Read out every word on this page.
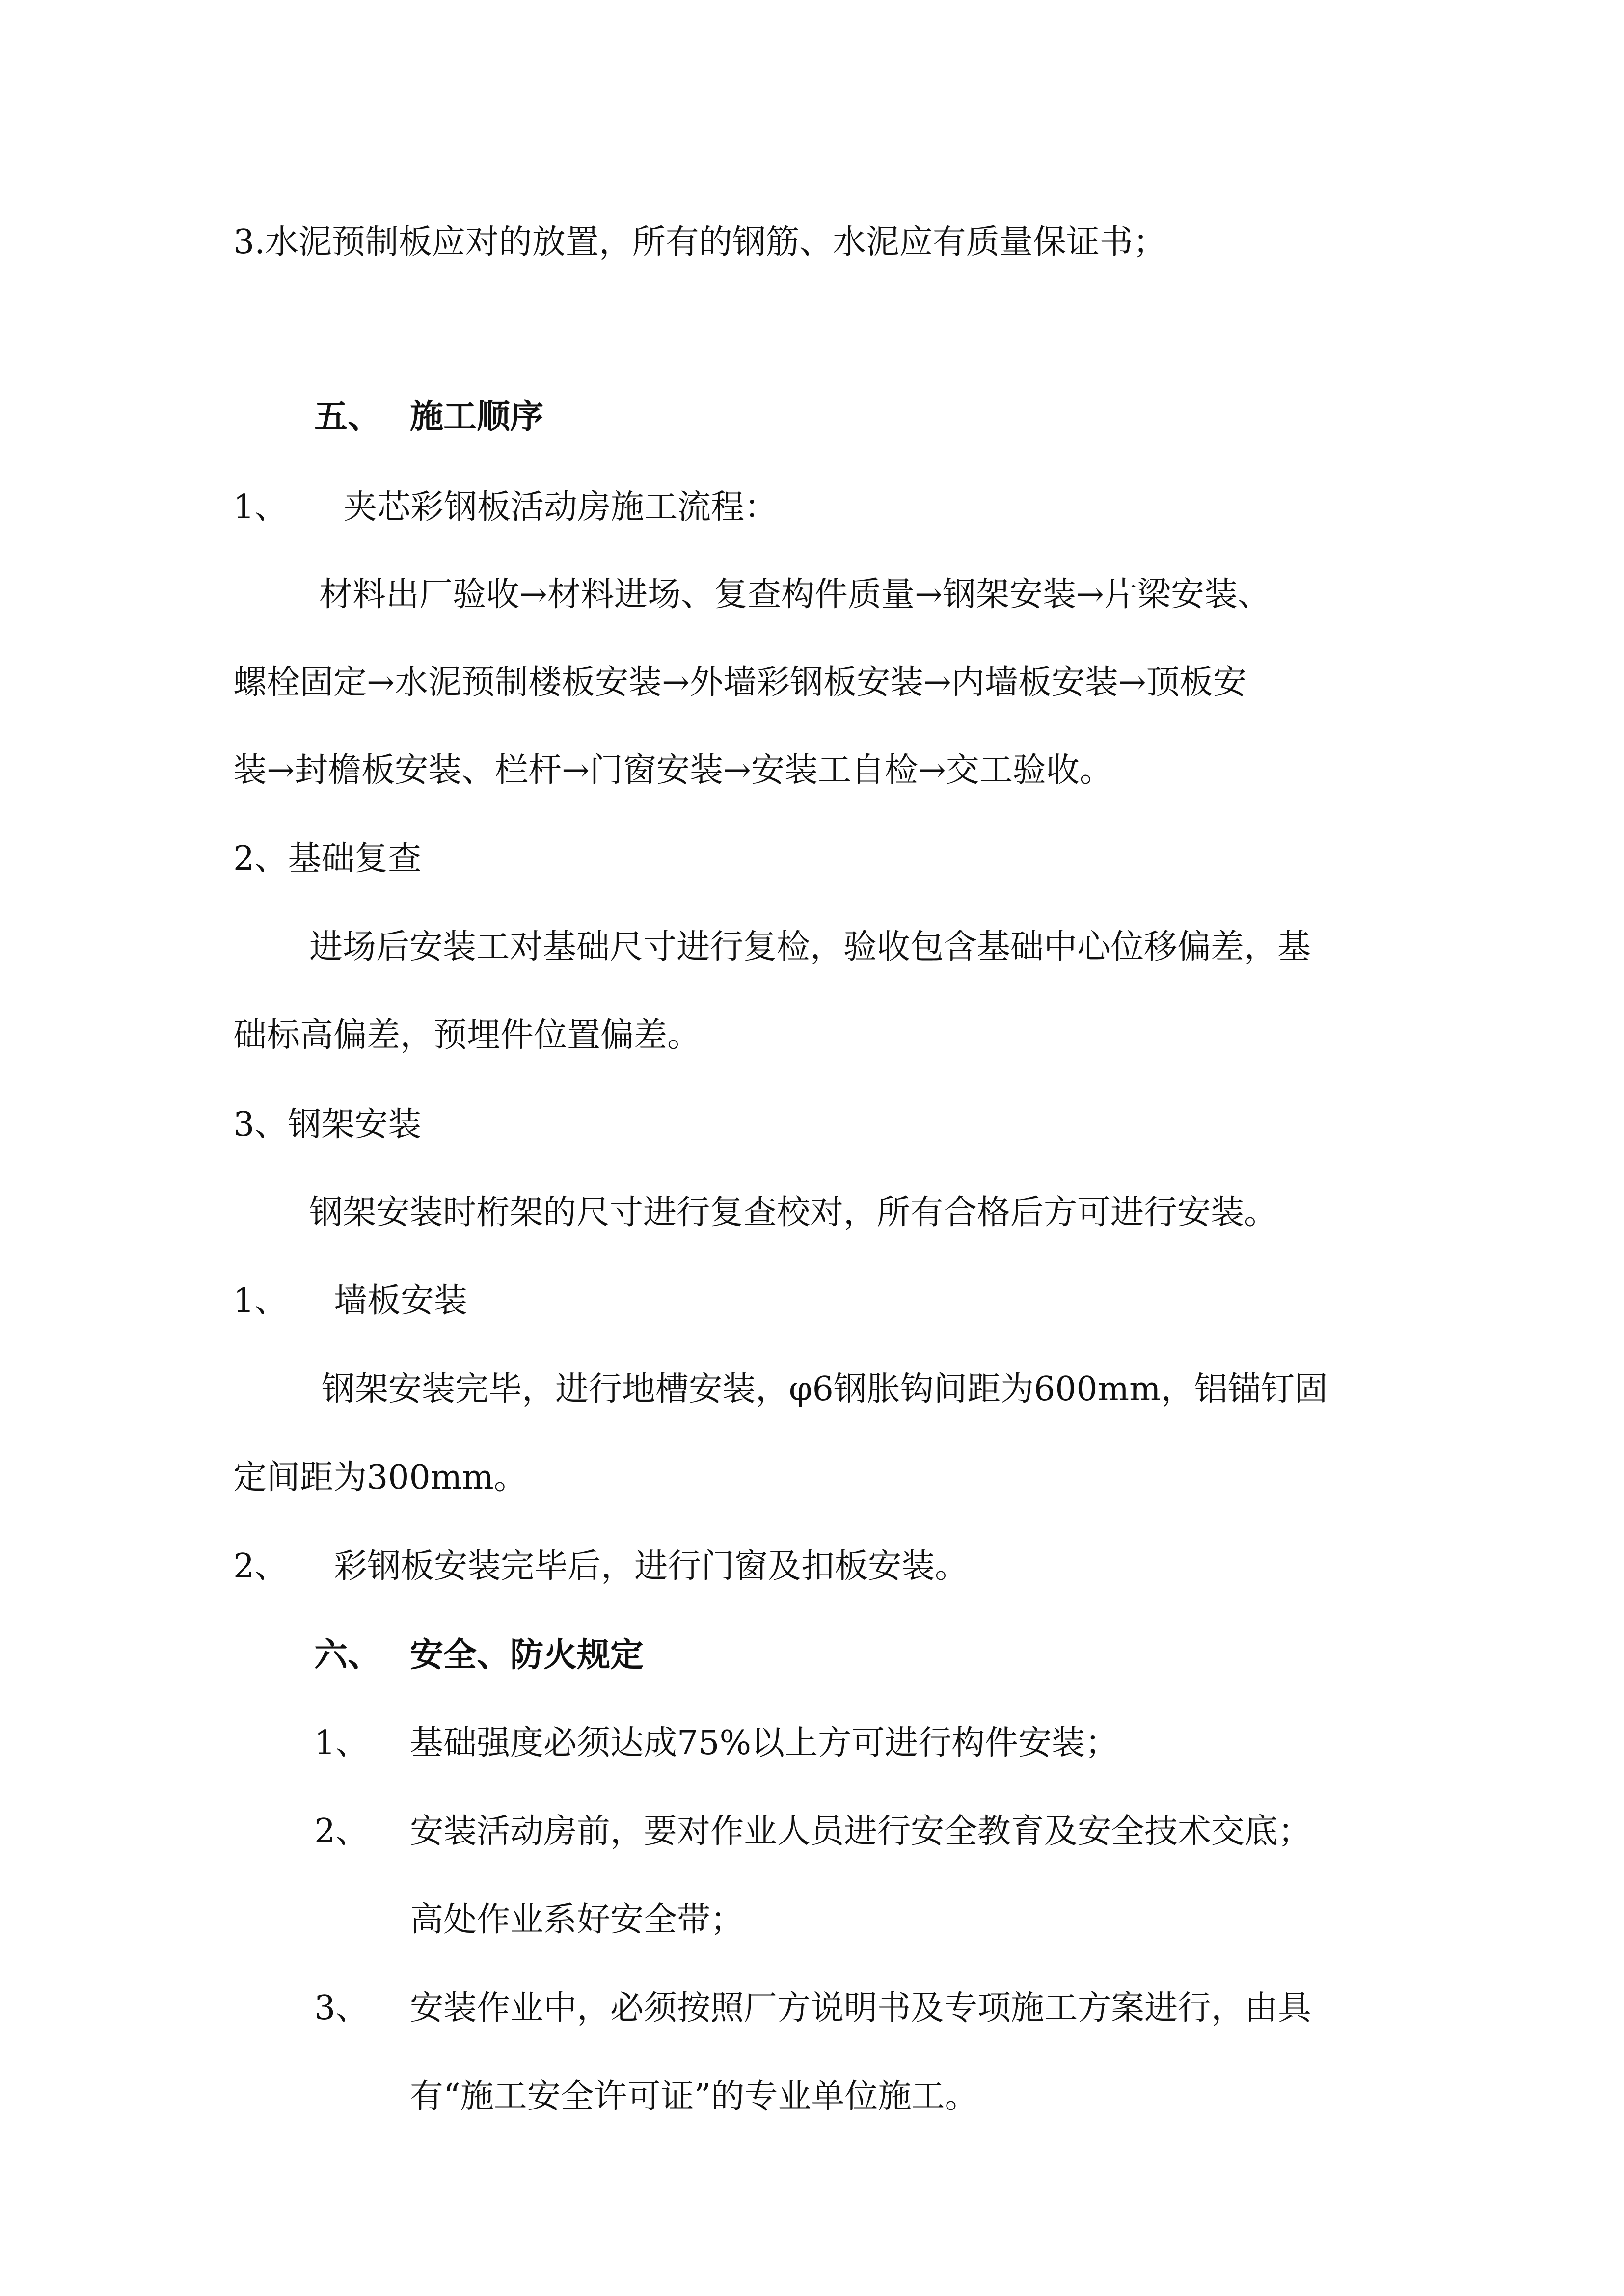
3.水泥预制板应对的放置，所有的钢筋、水泥应有质量保证书；
五、 施工顺序
1、 夹芯彩钢板活动房施工流程：
材料出厂验收→材料进场、复查构件质量→钢架安装→片梁安装、
螺栓固定→水泥预制楼板安装→外墙彩钢板安装→内墙板安装→顶板安
装→封檐板安装、栏杆→门窗安装→安装工自检→交工验收。
2、基础复查
进场后安装工对基础尺寸进行复检，验收包含基础中心位移偏差，基
础标高偏差，预埋件位置偏差。
3、钢架安装
钢架安装时桁架的尺寸进行复查校对，所有合格后方可进行安装。
1、 墙板安装
钢架安装完毕，进行地槽安装，φ6钢胀钩间距为600mm，铝锚钉固
定间距为300mm。
2、 彩钢板安装完毕后，进行门窗及扣板安装。
六、 安全、防火规定
1、 基础强度必须达成75%以上方可进行构件安装；
2、 安装活动房前，要对作业人员进行安全教育及安全技术交底；
高处作业系好安全带；
3、 安装作业中，必须按照厂方说明书及专项施工方案进行，由具
有“施工安全许可证”的专业单位施工。
